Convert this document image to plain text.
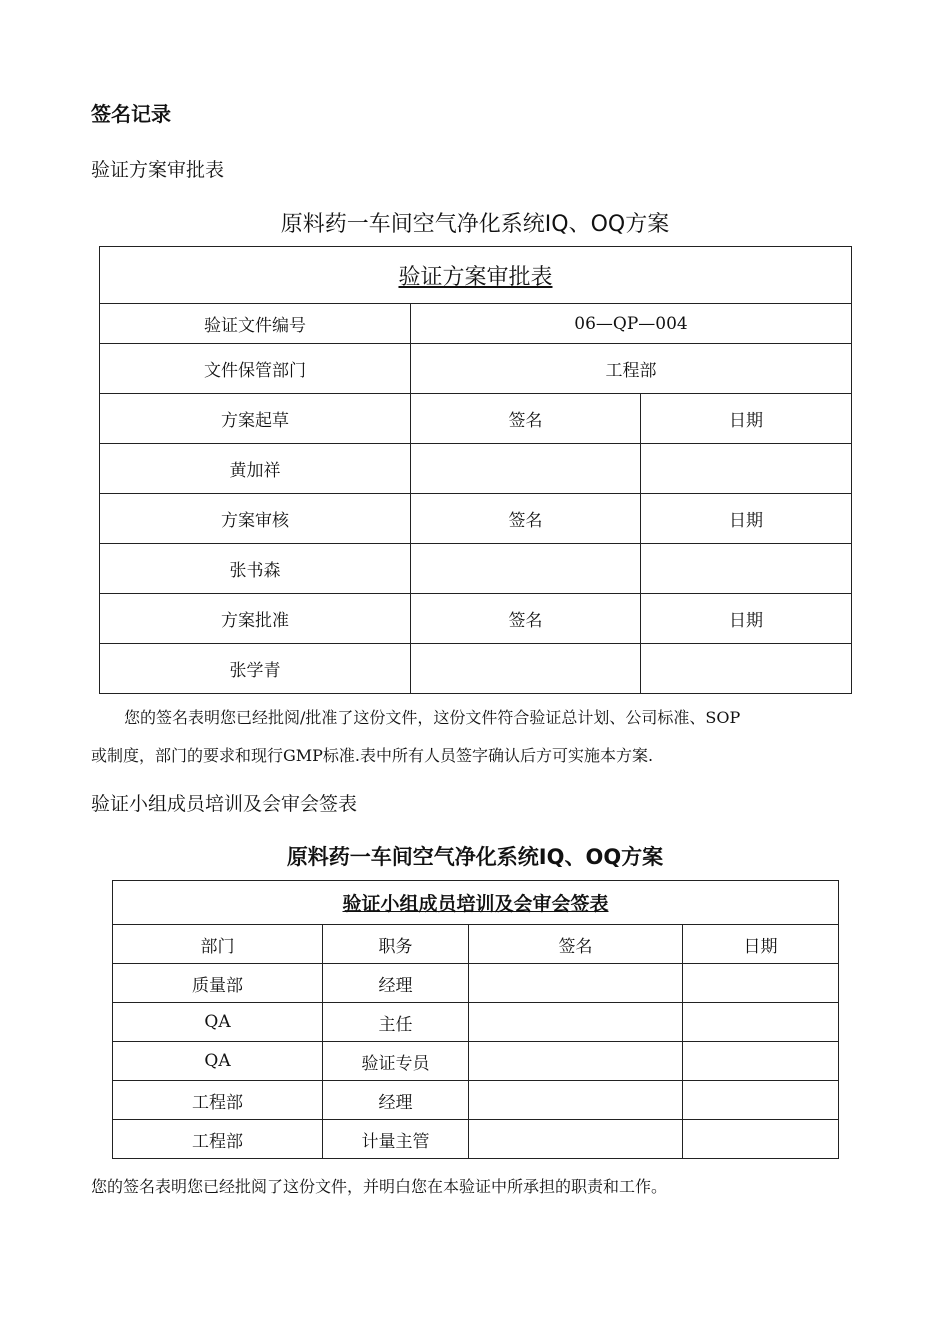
签名记录
验证方案审批表
原料药一车间空气净化系统IQ、OQ方案
验证方案审批表		
验证文件编号	06—QP—004	
文件保管部门	工程部	
方案起草	签名	日期
黄加祥		
方案审核	签名	日期
张书森		
方案批准	签名	日期
张学青		
您的签名表明您已经批阅/批准了这份文件，这份文件符合验证总计划、公司标准、SOP
或制度，部门的要求和现行GMP标准.表中所有人员签字确认后方可实施本方案.
验证小组成员培训及会审会签表
原料药一车间空气净化系统IQ、OQ方案
验证小组成员培训及会审会签表			
部门	职务	签名	日期
质量部	经理		
QA	主任		
QA	验证专员		
工程部	经理		
工程部	计量主管		
您的签名表明您已经批阅了这份文件，并明白您在本验证中所承担的职责和工作。
